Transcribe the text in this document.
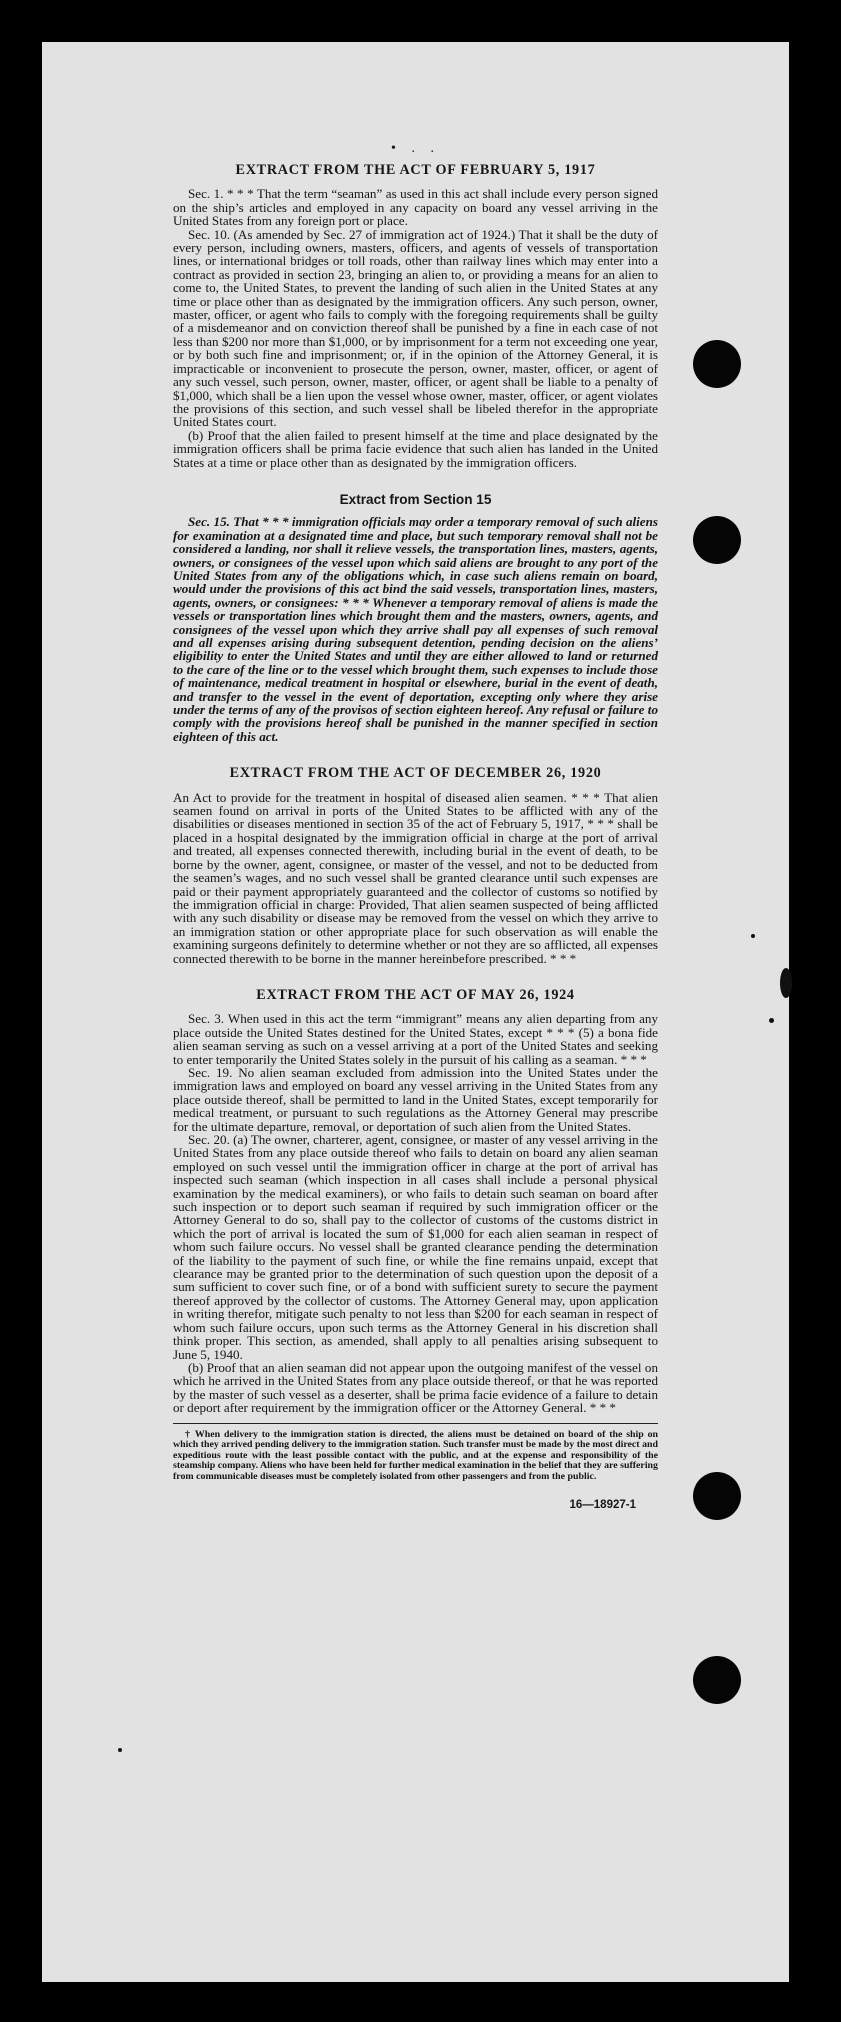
• . .
EXTRACT FROM THE ACT OF FEBRUARY 5, 1917

Sec. 1. * * * That the term “seaman” as used in this act shall include every person signed on the ship’s articles and employed in any capacity on board any vessel arriving in the United States from any foreign port or place.

Sec. 10. (As amended by Sec. 27 of immigration act of 1924.) That it shall be the duty of every person, including owners, masters, officers, and agents of vessels of transportation lines, or international bridges or toll roads, other than railway lines which may enter into a contract as provided in section 23, bringing an alien to, or providing a means for an alien to come to, the United States, to prevent the landing of such alien in the United States at any time or place other than as designated by the immigration officers. Any such person, owner, master, officer, or agent who fails to comply with the foregoing requirements shall be guilty of a misdemeanor and on conviction thereof shall be punished by a fine in each case of not less than $200 nor more than $1,000, or by imprisonment for a term not exceeding one year, or by both such fine and imprisonment; or, if in the opinion of the Attorney General, it is impracticable or inconvenient to prosecute the person, owner, master, officer, or agent of any such vessel, such person, owner, master, officer, or agent shall be liable to a penalty of $1,000, which shall be a lien upon the vessel whose owner, master, officer, or agent violates the provisions of this section, and such vessel shall be libeled therefor in the appropriate United States court.

(b) Proof that the alien failed to present himself at the time and place designated by the immigration officers shall be prima facie evidence that such alien has landed in the United States at a time or place other than as designated by the immigration officers.

Extract from Section 15

Sec. 15. That * * * immigration officials may order a temporary removal of such aliens for examination at a designated time and place, but such temporary removal shall not be considered a landing, nor shall it relieve vessels, the transportation lines, masters, agents, owners, or consignees of the vessel upon which said aliens are brought to any port of the United States from any of the obligations which, in case such aliens remain on board, would under the provisions of this act bind the said vessels, transportation lines, masters, agents, owners, or consignees: * * * Whenever a temporary removal of aliens is made the vessels or transportation lines which brought them and the masters, owners, agents, and consignees of the vessel upon which they arrive shall pay all expenses of such removal and all expenses arising during subsequent detention, pending decision on the aliens’ eligibility to enter the United States and until they are either allowed to land or returned to the care of the line or to the vessel which brought them, such expenses to include those of maintenance, medical treatment in hospital or elsewhere, burial in the event of death, and transfer to the vessel in the event of deportation, excepting only where they arise under the terms of any of the provisos of section eighteen hereof. Any refusal or failure to comply with the provisions hereof shall be punished in the manner specified in section eighteen of this act.

EXTRACT FROM THE ACT OF DECEMBER 26, 1920

An Act to provide for the treatment in hospital of diseased alien seamen. * * * That alien seamen found on arrival in ports of the United States to be afflicted with any of the disabilities or diseases mentioned in section 35 of the act of February 5, 1917, * * * shall be placed in a hospital designated by the immigration official in charge at the port of arrival and treated, all expenses connected therewith, including burial in the event of death, to be borne by the owner, agent, consignee, or master of the vessel, and not to be deducted from the seamen’s wages, and no such vessel shall be granted clearance until such expenses are paid or their payment appropriately guaranteed and the collector of customs so notified by the immigration official in charge: Provided, That alien seamen suspected of being afflicted with any such disability or disease may be removed from the vessel on which they arrive to an immigration station or other appropriate place for such observation as will enable the examining surgeons definitely to determine whether or not they are so afflicted, all expenses connected therewith to be borne in the manner hereinbefore prescribed. * * *

EXTRACT FROM THE ACT OF MAY 26, 1924

Sec. 3. When used in this act the term “immigrant” means any alien departing from any place outside the United States destined for the United States, except * * * (5) a bona fide alien seaman serving as such on a vessel arriving at a port of the United States and seeking to enter temporarily the United States solely in the pursuit of his calling as a seaman. * * *

Sec. 19. No alien seaman excluded from admission into the United States under the immigration laws and employed on board any vessel arriving in the United States from any place outside thereof, shall be permitted to land in the United States, except temporarily for medical treatment, or pursuant to such regulations as the Attorney General may prescribe for the ultimate departure, removal, or deportation of such alien from the United States.

Sec. 20. (a) The owner, charterer, agent, consignee, or master of any vessel arriving in the United States from any place outside thereof who fails to detain on board any alien seaman employed on such vessel until the immigration officer in charge at the port of arrival has inspected such seaman (which inspection in all cases shall include a personal physical examination by the medical examiners), or who fails to detain such seaman on board after such inspection or to deport such seaman if required by such immigration officer or the Attorney General to do so, shall pay to the collector of customs of the customs district in which the port of arrival is located the sum of $1,000 for each alien seaman in respect of whom such failure occurs. No vessel shall be granted clearance pending the determination of the liability to the payment of such fine, or while the fine remains unpaid, except that clearance may be granted prior to the determination of such question upon the deposit of a sum sufficient to cover such fine, or of a bond with sufficient surety to secure the payment thereof approved by the collector of customs. The Attorney General may, upon application in writing therefor, mitigate such penalty to not less than $200 for each seaman in respect of whom such failure occurs, upon such terms as the Attorney General in his discretion shall think proper. This section, as amended, shall apply to all penalties arising subsequent to June 5, 1940.

(b) Proof that an alien seaman did not appear upon the outgoing manifest of the vessel on which he arrived in the United States from any place outside thereof, or that he was reported by the master of such vessel as a deserter, shall be prima facie evidence of a failure to detain or deport after requirement by the immigration officer or the Attorney General. * * *

† When delivery to the immigration station is directed, the aliens must be detained on board of the ship on which they arrived pending delivery to the immigration station. Such transfer must be made by the most direct and expeditious route with the least possible contact with the public, and at the expense and responsibility of the steamship company. Aliens who have been held for further medical examination in the belief that they are suffering from communicable diseases must be completely isolated from other passengers and from the public.

16—18927-1
